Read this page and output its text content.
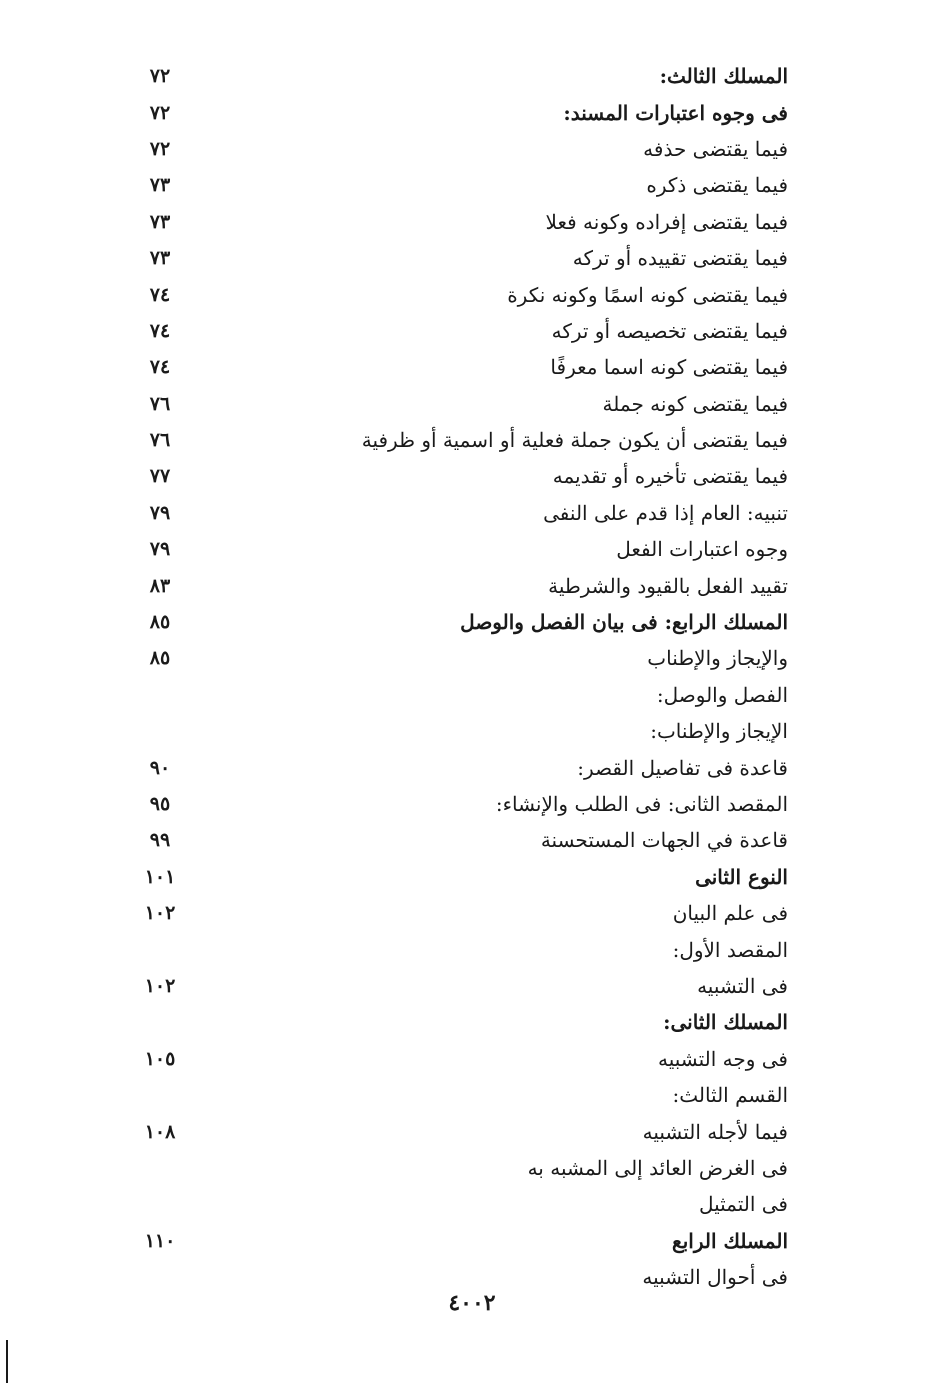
المسلك الثالث:
٧٢
فى وجوه اعتبارات المسند:
٧٢
فيما يقتضى حذفه
٧٢
فيما يقتضى ذكره
٧٣
فيما يقتضى إفراده وكونه فعلا
٧٣
فيما يقتضى تقييده أو تركه
٧٣
فيما يقتضى كونه اسمًا وكونه نكرة
٧٤
فيما يقتضى تخصيصه أو تركه
٧٤
فيما يقتضى كونه اسما معرفًا
٧٤
فيما يقتضى كونه جملة
٧٦
فيما يقتضى أن يكون جملة فعلية أو اسمية أو ظرفية
٧٦
فيما يقتضى تأخيره أو تقديمه
٧٧
تنبيه: العام إذا قدم على النفى
٧٩
وجوه اعتبارات الفعل
٧٩
تقييد الفعل بالقيود والشرطية
٨٣
المسلك الرابع: فى بيان الفصل والوصل
٨٥
والإيجاز والإطناب
٨٥
الفصل والوصل:
الإيجاز والإطناب:
قاعدة فى تفاصيل القصر:
٩٠
المقصد الثانى: فى الطلب والإنشاء:
٩٥
قاعدة في الجهات المستحسنة
٩٩
النوع الثانى
١٠١
فى علم البيان
١٠٢
المقصد الأول:
فى التشبيه
١٠٢
المسلك الثانى:
فى وجه التشبيه
١٠٥
القسم الثالث:
فيما لأجله التشبيه
١٠٨
فى الغرض العائد إلى المشبه به
فى التمثيل
المسلك الرابع
١١٠
فى أحوال التشبيه
٤٠٠٢
